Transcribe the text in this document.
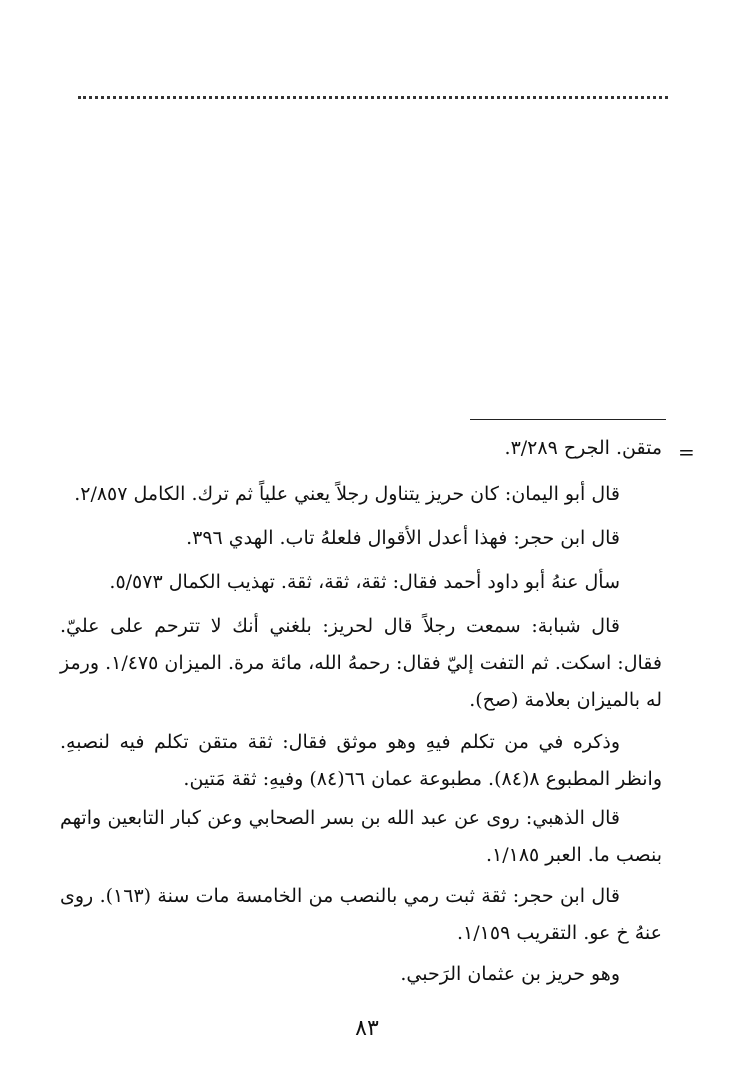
=

متقن. الجرح ٣/٢٨٩.

قال أبو اليمان: كان حريز يتناول رجلاً يعني علياً ثم ترك. الكامل ٢/٨٥٧.

قال ابن حجر: فهذا أعدل الأقوال فلعلهُ تاب. الهدي ٣٩٦.

سأل عنهُ أبو داود أحمد فقال: ثقة، ثقة، ثقة. تهذيب الكمال ٥/٥٧٣.

قال شبابة: سمعت رجلاً قال لحريز: بلغني أنك لا تترحم على عليّ. فقال: اسكت. ثم التفت إليّ فقال: رحمهُ الله، مائة مرة. الميزان ١/٤٧٥. ورمز له بالميزان بعلامة (صح).

وذكره في من تكلم فيهِ وهو موثق فقال: ثقة متقن تكلم فيه لنصبهِ. وانظر المطبوع ٨(٨٤). مطبوعة عمان ٦٦(٨٤) وفيهِ: ثقة مَتين.

قال الذهبي: روى عن عبد الله بن بسر الصحابي وعن كبار التابعين واتهم بنصب ما. العبر ١/١٨٥.

قال ابن حجر: ثقة ثبت رمي بالنصب من الخامسة مات سنة (١٦٣). روى عنهُ خ عو. التقريب ١/١٥٩.

وهو حريز بن عثمان الرَحبي.

٨٣
